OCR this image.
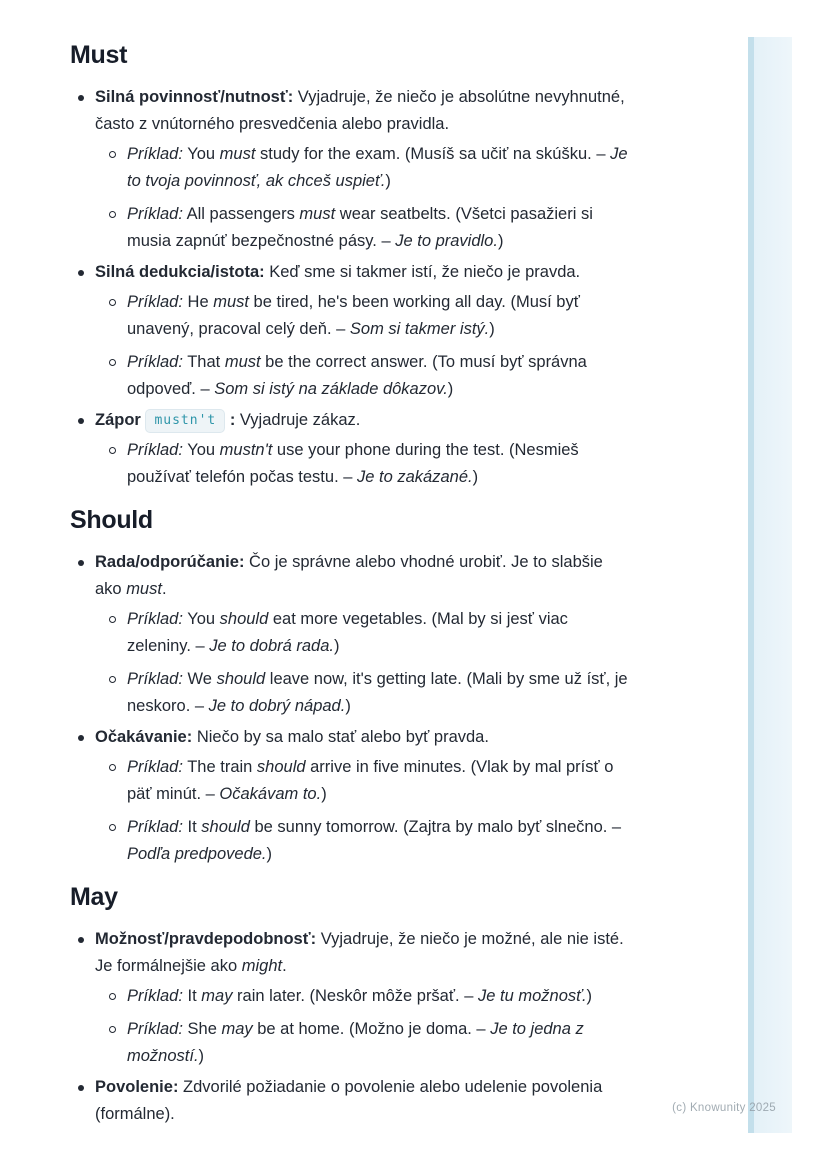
Must

Silná povinnosť/nutnosť: Vyjadruje, že niečo je absolútne nevyhnutné, často z vnútorného presvedčenia alebo pravidla.

Príklad: You must study for the exam. (Musíš sa učiť na skúšku. – Je to tvoja povinnosť, ak chceš uspieť.)
Príklad: All passengers must wear seatbelts. (Všetci pasažieri si musia zapnúť bezpečnostné pásy. – Je to pravidlo.)

Silná dedukcia/istota: Keď sme si takmer istí, že niečo je pravda.

Príklad: He must be tired, he's been working all day. (Musí byť unavený, pracoval celý deň. – Som si takmer istý.)
Príklad: That must be the correct answer. (To musí byť správna odpoveď. – Som si istý na základe dôkazov.)

Zápor mustn't : Vyjadruje zákaz.

Príklad: You mustn't use your phone during the test. (Nesmieš používať telefón počas testu. – Je to zakázané.)
Should

Rada/odporúčanie: Čo je správne alebo vhodné urobiť. Je to slabšie ako must.

Príklad: You should eat more vegetables. (Mal by si jesť viac zeleniny. – Je to dobrá rada.)
Príklad: We should leave now, it's getting late. (Mali by sme už ísť, je neskoro. – Je to dobrý nápad.)

Očakávanie: Niečo by sa malo stať alebo byť pravda.

Príklad: The train should arrive in five minutes. (Vlak by mal prísť o päť minút. – Očakávam to.)
Príklad: It should be sunny tomorrow. (Zajtra by malo byť slnečno. – Podľa predpovede.)
May

Možnosť/pravdepodobnosť: Vyjadruje, že niečo je možné, ale nie isté. Je formálnejšie ako might.

Príklad: It may rain later. (Neskôr môže pršať. – Je tu možnosť.)
Príklad: She may be at home. (Možno je doma. – Je to jedna z možností.)

Povolenie: Zdvorilé požiadanie o povolenie alebo udelenie povolenia (formálne).	(c) Knowunity 2025
